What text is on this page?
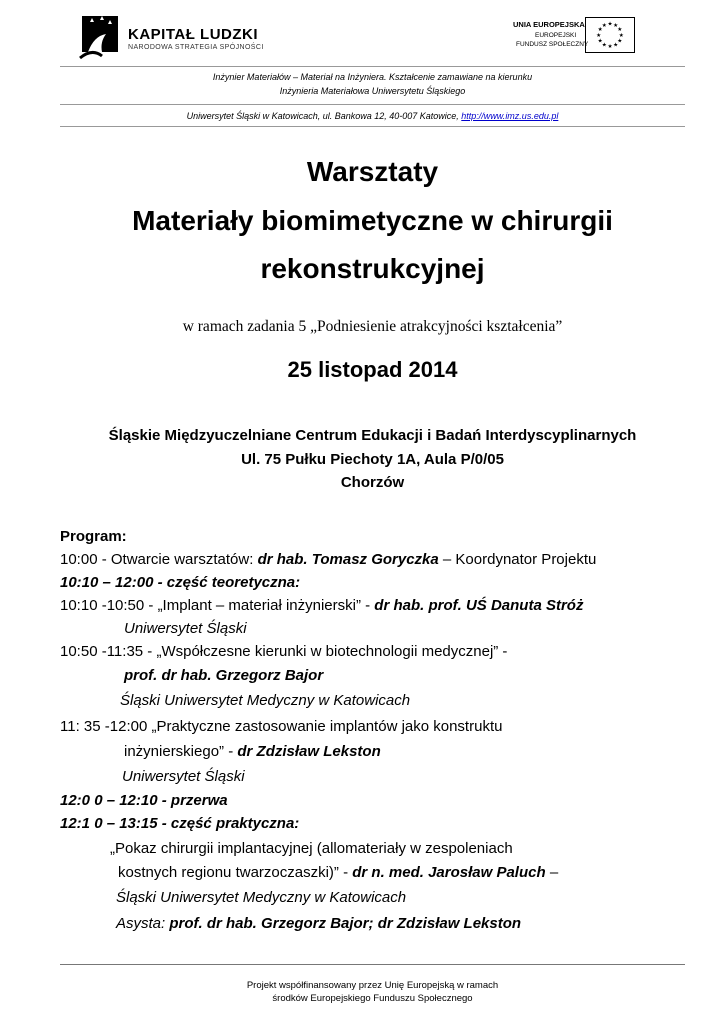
KAPITAŁ LUDZKI
NARODOWA STRATEGIA SPÓJNOŚCI
UNIA EUROPEJSKA
EUROPEJSKI
FUNDUSZ SPOŁECZNY
★ ★
★
★
★
★
★
★
★
★
★
★
Inżynier Materiałów – Materiał na Inżyniera. Kształcenie zamawiane na kierunku
Inżynieria Materiałowa Uniwersytetu Śląskiego
Uniwersytet Śląski w Katowicach, ul. Bankowa 12, 40-007 Katowice, http://www.imz.us.edu.pl
Warsztaty
Materiały biomimetyczne w chirurgii
rekonstrukcyjnej
w ramach zadania 5 „Podniesienie atrakcyjności kształcenia”
25 listopad 2014
Śląskie Międzyuczelniane Centrum Edukacji i Badań Interdyscyplinarnych
Ul. 75 Pułku Piechoty 1A, Aula P/0/05
Chorzów
Program:
10:00 - Otwarcie warsztatów: dr hab. Tomasz Goryczka – Koordynator Projektu
10:10 – 12:00 - część teoretyczna:
10:10 -10:50 - „Implant – materiał inżynierski” - dr hab. prof. UŚ Danuta Stróż
Uniwersytet Śląski
10:50 -11:35 - „Współczesne kierunki w biotechnologii medycznej” -
prof. dr hab. Grzegorz Bajor
Śląski Uniwersytet Medyczny w Katowicach
11: 35 -12:00 „Praktyczne zastosowanie implantów jako konstruktu
inżynierskiego” - dr Zdzisław Lekston
Uniwersytet Śląski
12:0 0 – 12:10 - przerwa
12:1 0 – 13:15 - część praktyczna:
„Pokaz chirurgii implantacyjnej (allomateriały w zespoleniach
kostnych regionu twarzoczaszki)” - dr n. med. Jarosław Paluch –
Śląski Uniwersytet Medyczny w Katowicach
Asysta: prof. dr hab. Grzegorz Bajor; dr Zdzisław Lekston
Projekt współfinansowany przez Unię Europejską w ramach
środków Europejskiego Funduszu Społecznego
